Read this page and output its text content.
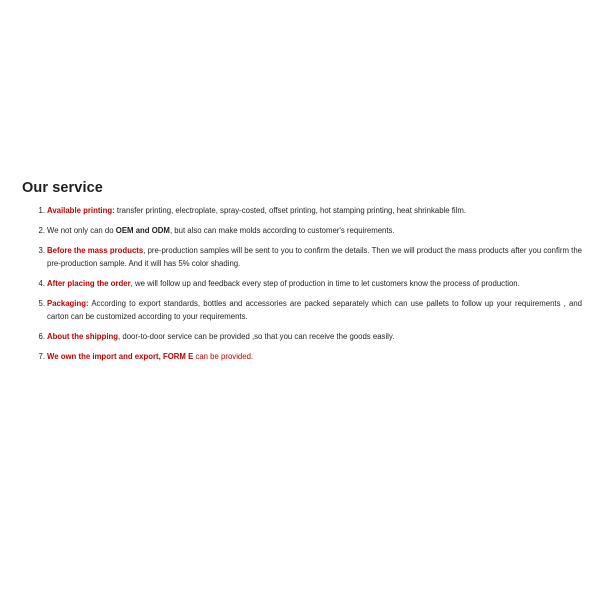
Our service
1. Available printing: transfer printing, electroplate, spray-costed, offset printing, hot stamping printing, heat shrinkable film.
2. We not only can do OEM and ODM, but also can make molds according to customer's requirements.
3. Before the mass products, pre-production samples will be sent to you to confirm the details. Then we will product the mass products after you confirm the pre-production sample. And it will has 5% color shading.
4. After placing the order, we will follow up and feedback every step of production in time to let customers know the process of production.
5. Packaging: According to export standards, bottles and accessories are packed separately which can use pallets to follow up your requirements , and carton can be customized according to your requirements.
6. About the shipping, door-to-door service can be provided ,so that you can receive the goods easily.
7. We own the import and export, FORM E can be provided.
